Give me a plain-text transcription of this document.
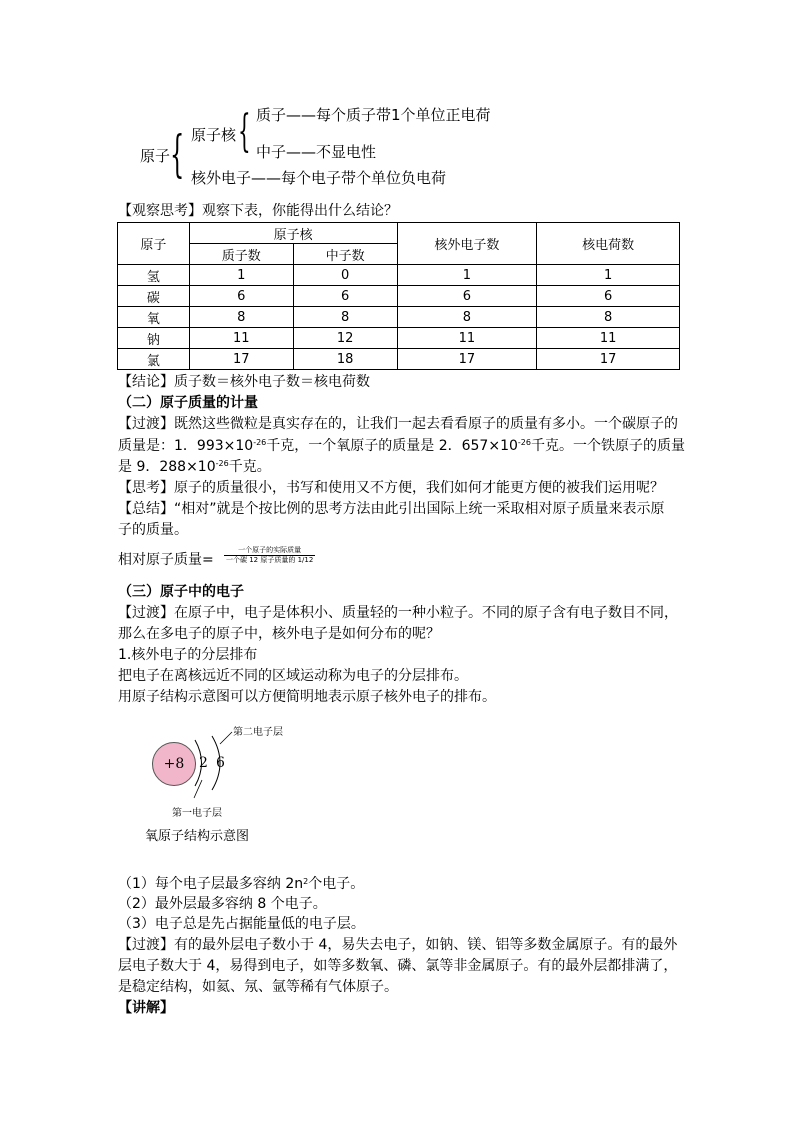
原子 { 原子核 { 质子——每个质子带1个单位正电荷
中子——不显电性
核外电子——每个电子带个单位负电荷
【观察思考】观察下表，你能得出什么结论？
原子	原子核		核外电子数	核电荷数
	质子数	中子数		
氢	1	0	1	1
碳	6	6	6	6
氧	8	8	8	8
钠	11	12	11	11
氯	17	18	17	17
【结论】质子数＝核外电子数＝核电荷数
（二）原子质量的计量
【过渡】既然这些微粒是真实存在的，让我们一起去看看原子的质量有多小。一个碳原子的
质量是：1．$993\times 10^{-26}$千克，一个氧原子的质量是 2．$657\times 10^{-26}$千克。一个铁原子的质量
是 9．$288\times 10^{-26}$千克。
【思考】原子的质量很小，书写和使用又不方便，我们如何才能更方便的被我们运用呢？
【总结】“相对”就是个按比例的思考方法由此引出国际上统一采取相对原子质量来表示原
子的质量。
相对原子质量=
一个原子的实际质量
一个碳 12 原子质量的 1/12
（三）原子中的电子
【过渡】在原子中，电子是体积小、质量轻的一种小粒子。不同的原子含有电子数目不同，
那么在多电子的原子中，核外电子是如何分布的呢？
1.核外电子的分层排布
把电子在离核远近不同的区域运动称为电子的分层排布。
用原子结构示意图可以方便简明地表示原子核外电子的排布。
+8 2 6
第二电子层
第一电子层
氧原子结构示意图
（1）每个电子层最多容纳 $2n^2$个电子。
（2）最外层最多容纳 8 个电子。
（3）电子总是先占据能量低的电子层。
【过渡】有的最外层电子数小于 4，易失去电子，如钠、镁、铝等多数金属原子。有的最外
层电子数大于 4，易得到电子，如等多数氧、磷、氯等非金属原子。有的最外层都排满了，
是稳定结构，如氦、氖、氩等稀有气体原子。
【讲解】
